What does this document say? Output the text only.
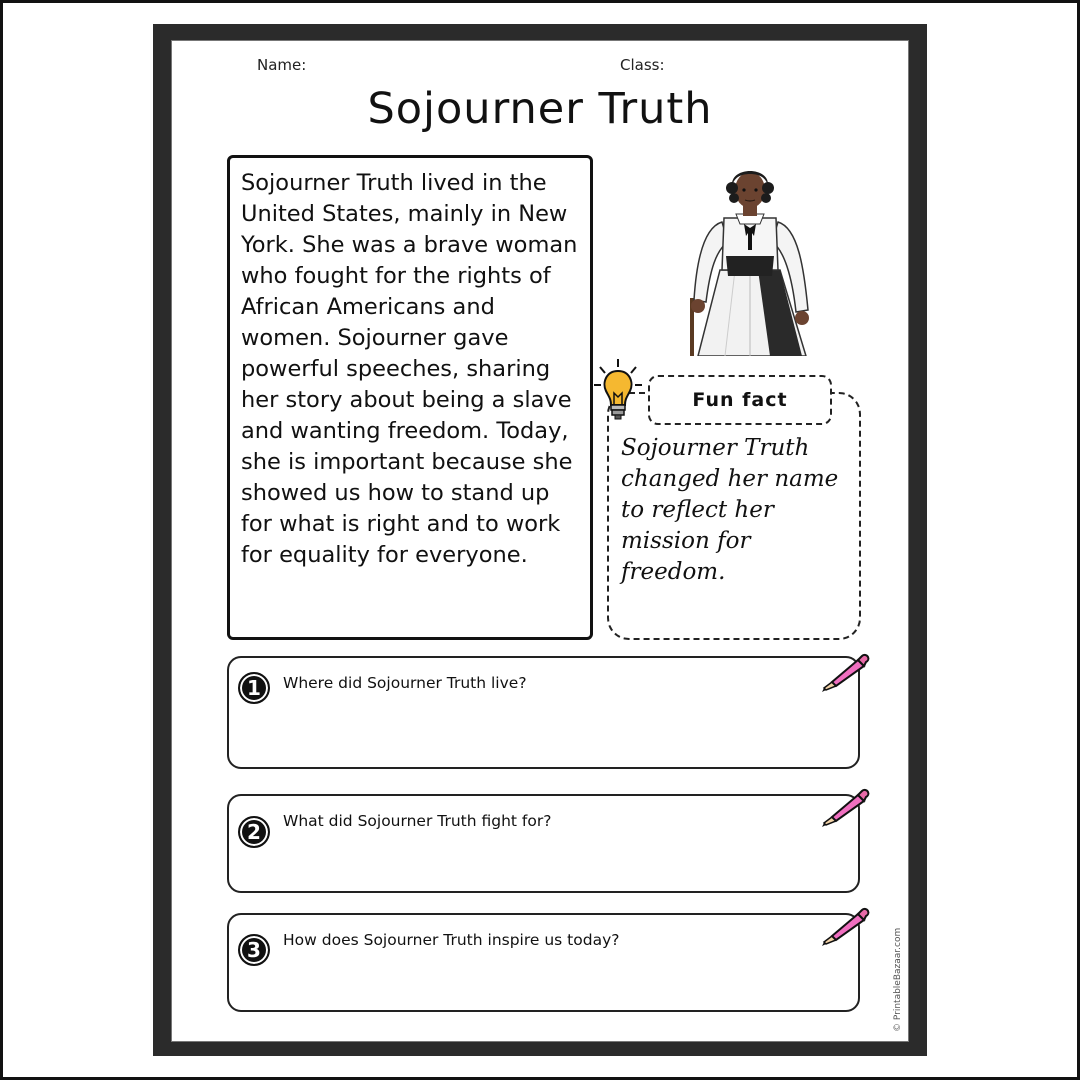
Name:	Class:
Sojourner Truth

Sojourner Truth lived in the United States, mainly in New York. She was a brave woman who fought for the rights of African Americans and women. Sojourner gave powerful speeches, sharing her story about being a slave and wanting freedom. Today, she is important because she showed us how to stand up for what is right and to work for equality for everyone.

Fun fact

Sojourner Truth changed her name to reflect her mission for freedom.

1	Where did Sojourner Truth live?
2	What did Sojourner Truth fight for?
3	How does Sojourner Truth inspire us today?	© PrintableBazaar.com
